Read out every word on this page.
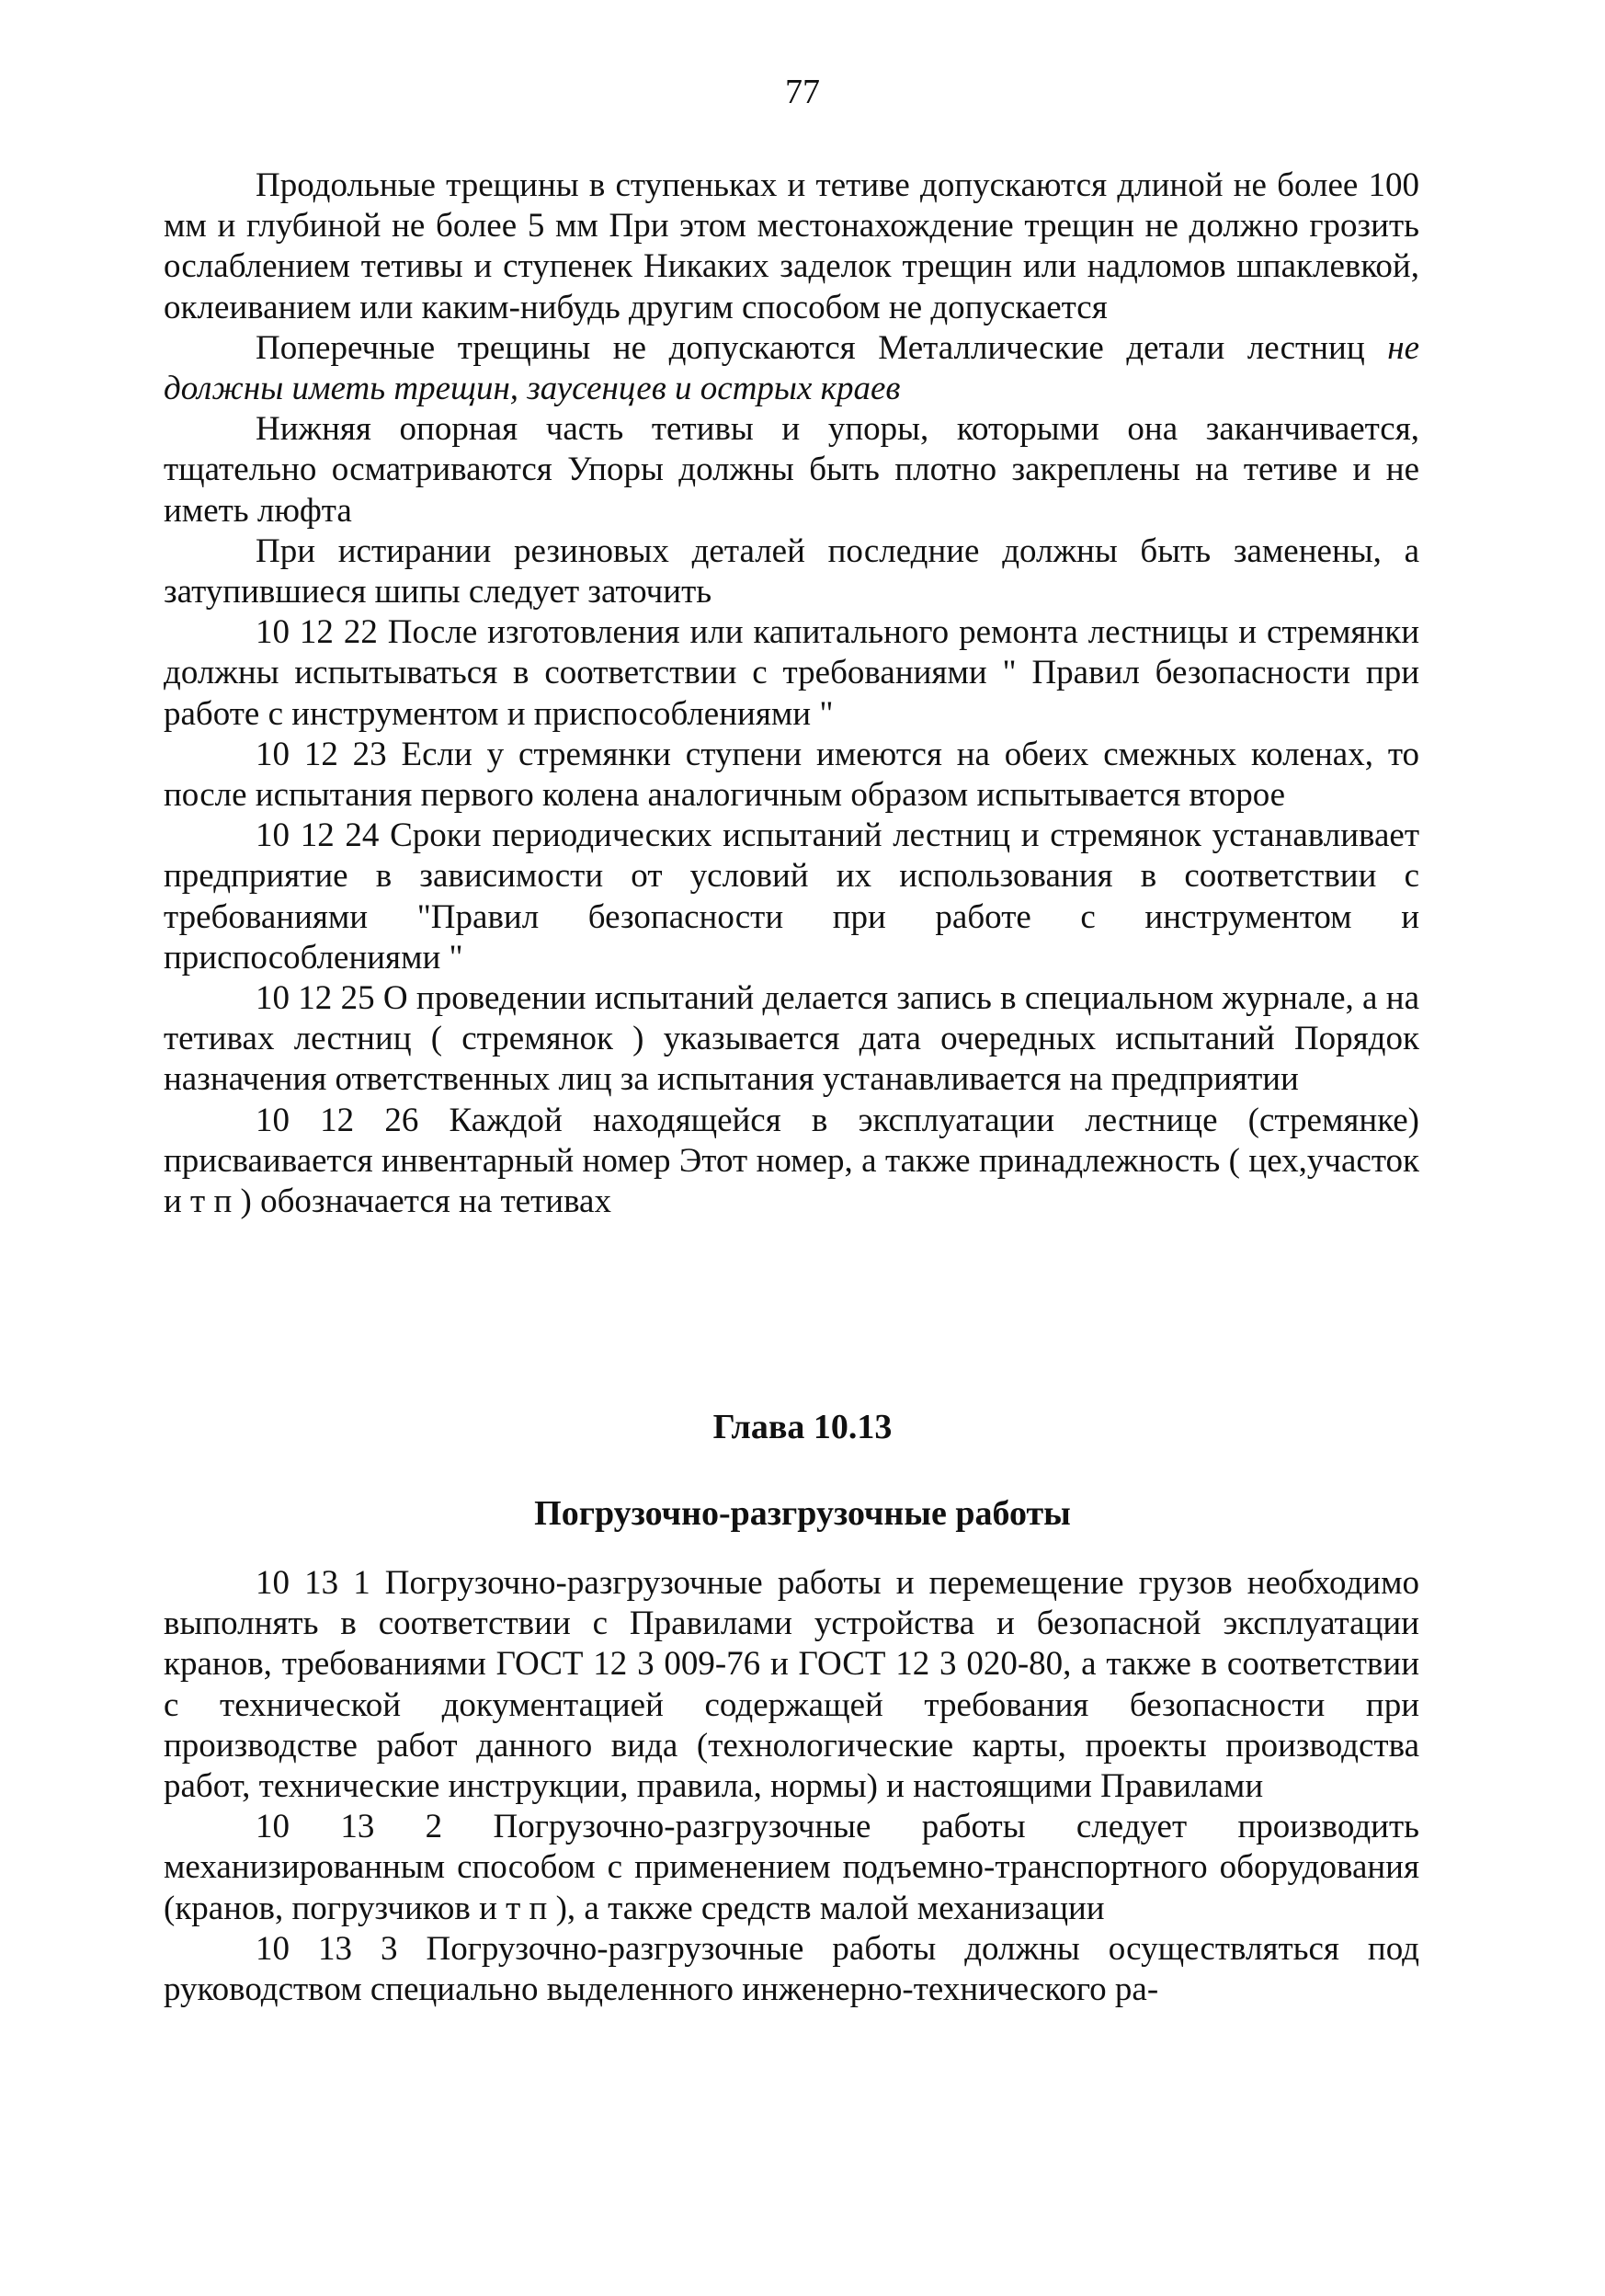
77

Продольные трещины в ступеньках и тетиве допускаются длиной не более 100 мм и глубиной не более 5 мм При этом местонахождение трещин не должно грозить ослаблением тетивы и ступенек Никаких заделок трещин или надломов шпаклевкой, оклеиванием или каким-нибудь другим способом не допускается

Поперечные трещины не допускаются Металлические детали лестниц не должны иметь трещин, заусенцев и острых краев

Нижняя опорная часть тетивы и упоры, которыми она заканчивается, тщательно осматриваются Упоры должны быть плотно закреплены на тетиве и не иметь люфта

При истирании резиновых деталей последние должны быть заменены, а затупившиеся шипы следует заточить

10 12 22 После изготовления или капитального ремонта лестницы и стремянки должны испытываться в соответствии с требованиями " Правил безопасности при работе с инструментом и приспособлениями "

10 12 23 Если у стремянки ступени имеются на обеих смежных коленах, то после испытания первого колена аналогичным образом испытывается второе

10 12 24 Сроки периодических испытаний лестниц и стремянок устанавливает предприятие в зависимости от условий их использования в соответствии с требованиями "Правил безопасности при работе с инструментом и приспособлениями "

10 12 25 О проведении испытаний делается запись в специальном журнале, а на тетивах лестниц ( стремянок ) указывается дата очередных испытаний Порядок назначения ответственных лиц за испытания устанавливается на предприятии

10 12 26 Каждой находящейся в эксплуатации лестнице (стремянке) присваивается инвентарный номер Этот номер, а также принадлежность ( цех,участок и т п ) обозначается на тетивах

Глава 10.13
Погрузочно-разгрузочные работы

10 13 1 Погрузочно-разгрузочные работы и перемещение грузов необходимо выполнять в соответствии с Правилами устройства и безопасной эксплуатации кранов, требованиями ГОСТ 12 3 009-76 и ГОСТ 12 3 020-80, а также в соответствии с технической документацией содержащей требования безопасности при производстве работ данного вида (технологические карты, проекты производства работ, технические инструкции, правила, нормы) и настоящими Правилами

10 13 2 Погрузочно-разгрузочные работы следует производить механизированным способом с применением подъемно-транспортного оборудования (кранов, погрузчиков и т п ), а также средств малой механизации

10 13 3 Погрузочно-разгрузочные работы должны осуществляться под руководством специально выделенного инженерно-технического ра-
